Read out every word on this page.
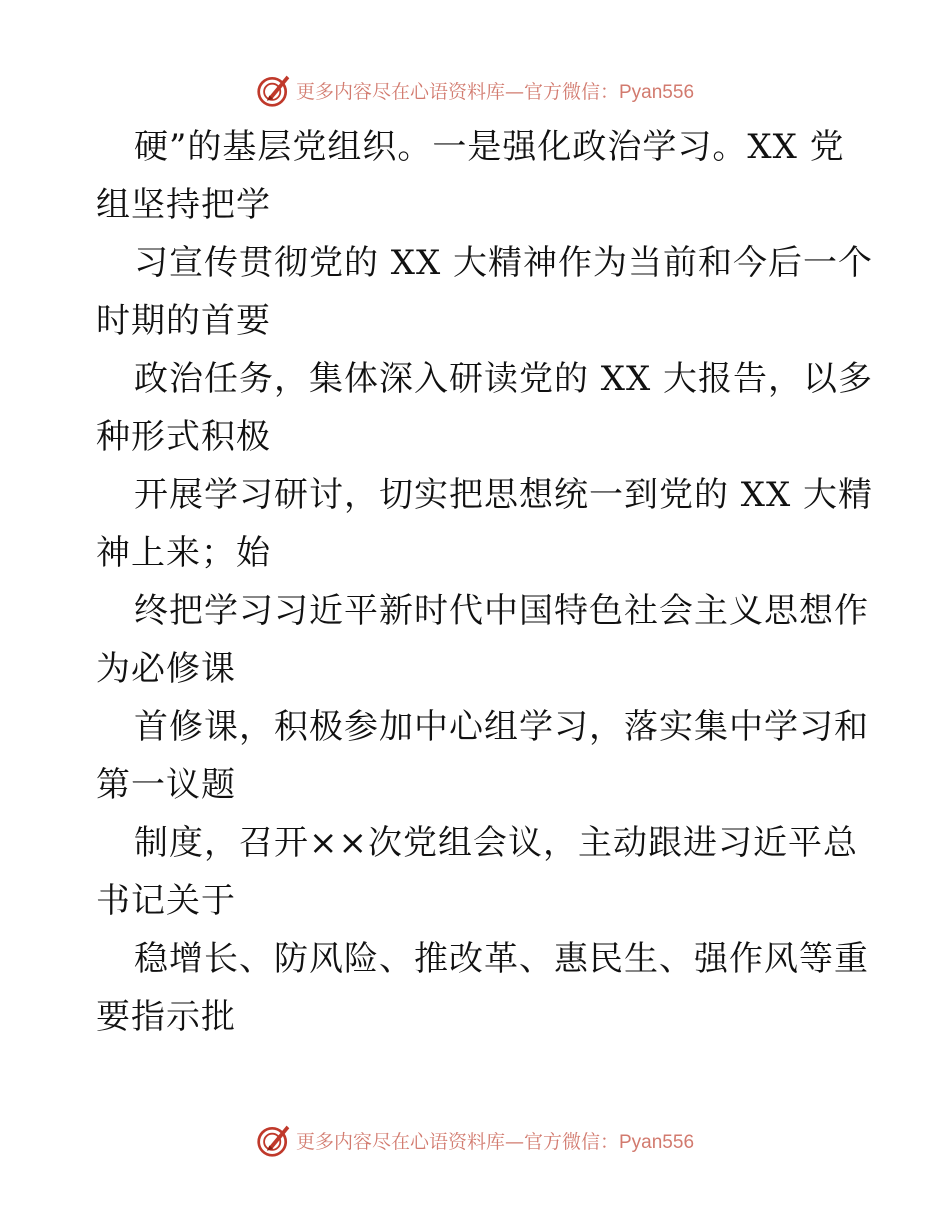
更多内容尽在心语资料库—官方微信：Pyan556
硬”的基层党组织。一是强化政治学习。XX 党
组坚持把学
习宣传贯彻党的 XX 大精神作为当前和今后一个
时期的首要
政治任务，集体深入研读党的 XX 大报告，以多
种形式积极
开展学习研讨，切实把思想统一到党的 XX 大精
神上来；始
终把学习习近平新时代中国特色社会主义思想作
为必修课
首修课，积极参加中心组学习，落实集中学习和
第一议题
制度，召开××次党组会议，主动跟进习近平总
书记关于
稳增长、防风险、推改革、惠民生、强作风等重
要指示批
更多内容尽在心语资料库—官方微信：Pyan556
